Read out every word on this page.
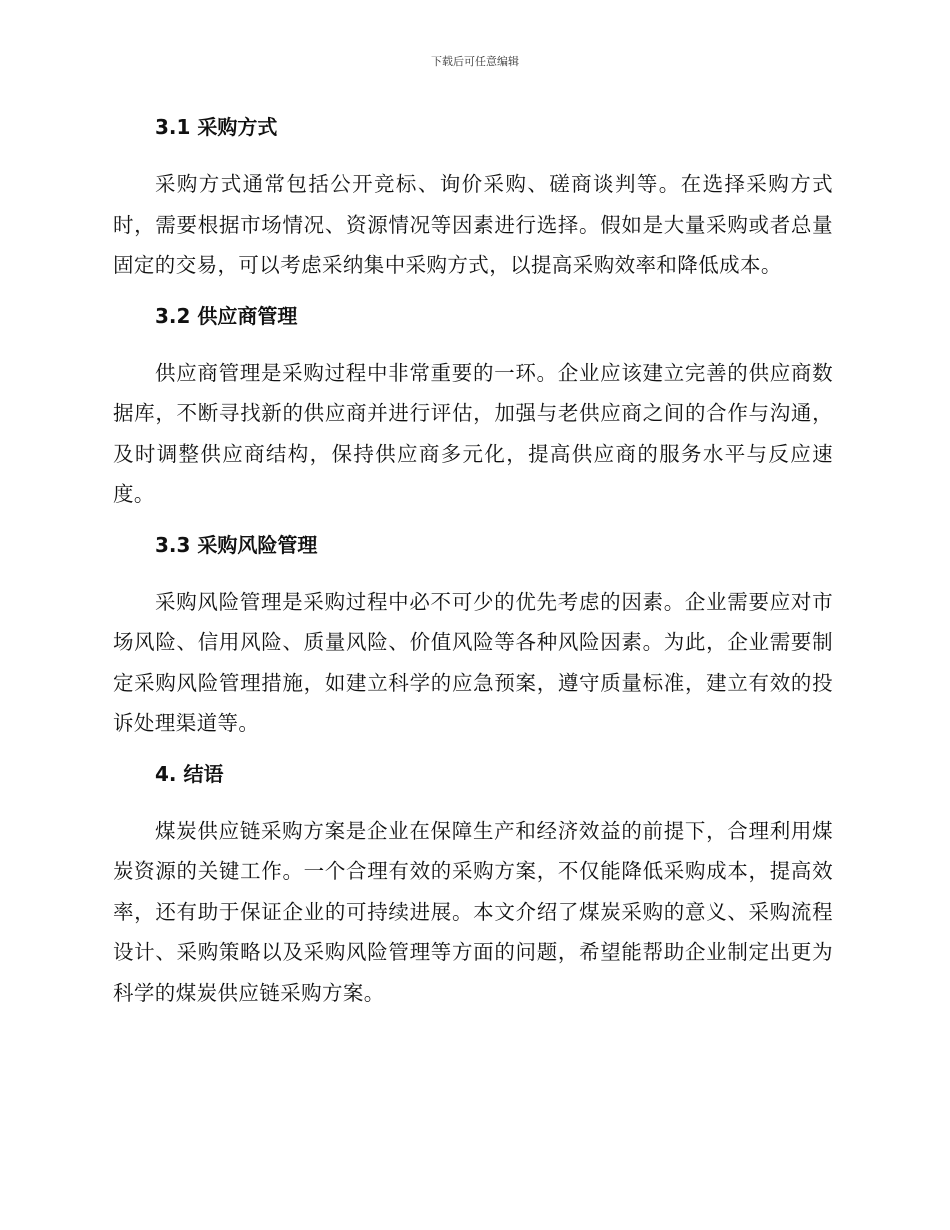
下载后可任意编辑
3.1 采购方式

采购方式通常包括公开竞标、询价采购、磋商谈判等。在选择采购方式时，需要根据市场情况、资源情况等因素进行选择。假如是大量采购或者总量固定的交易，可以考虑采纳集中采购方式，以提高采购效率和降低成本。

3.2 供应商管理

供应商管理是采购过程中非常重要的一环。企业应该建立完善的供应商数据库，不断寻找新的供应商并进行评估，加强与老供应商之间的合作与沟通，及时调整供应商结构，保持供应商多元化，提高供应商的服务水平与反应速度。

3.3 采购风险管理

采购风险管理是采购过程中必不可少的优先考虑的因素。企业需要应对市场风险、信用风险、质量风险、价值风险等各种风险因素。为此，企业需要制定采购风险管理措施，如建立科学的应急预案，遵守质量标准，建立有效的投诉处理渠道等。

4. 结语

煤炭供应链采购方案是企业在保障生产和经济效益的前提下，合理利用煤炭资源的关键工作。一个合理有效的采购方案，不仅能降低采购成本，提高效率，还有助于保证企业的可持续进展。本文介绍了煤炭采购的意义、采购流程设计、采购策略以及采购风险管理等方面的问题，希望能帮助企业制定出更为科学的煤炭供应链采购方案。
